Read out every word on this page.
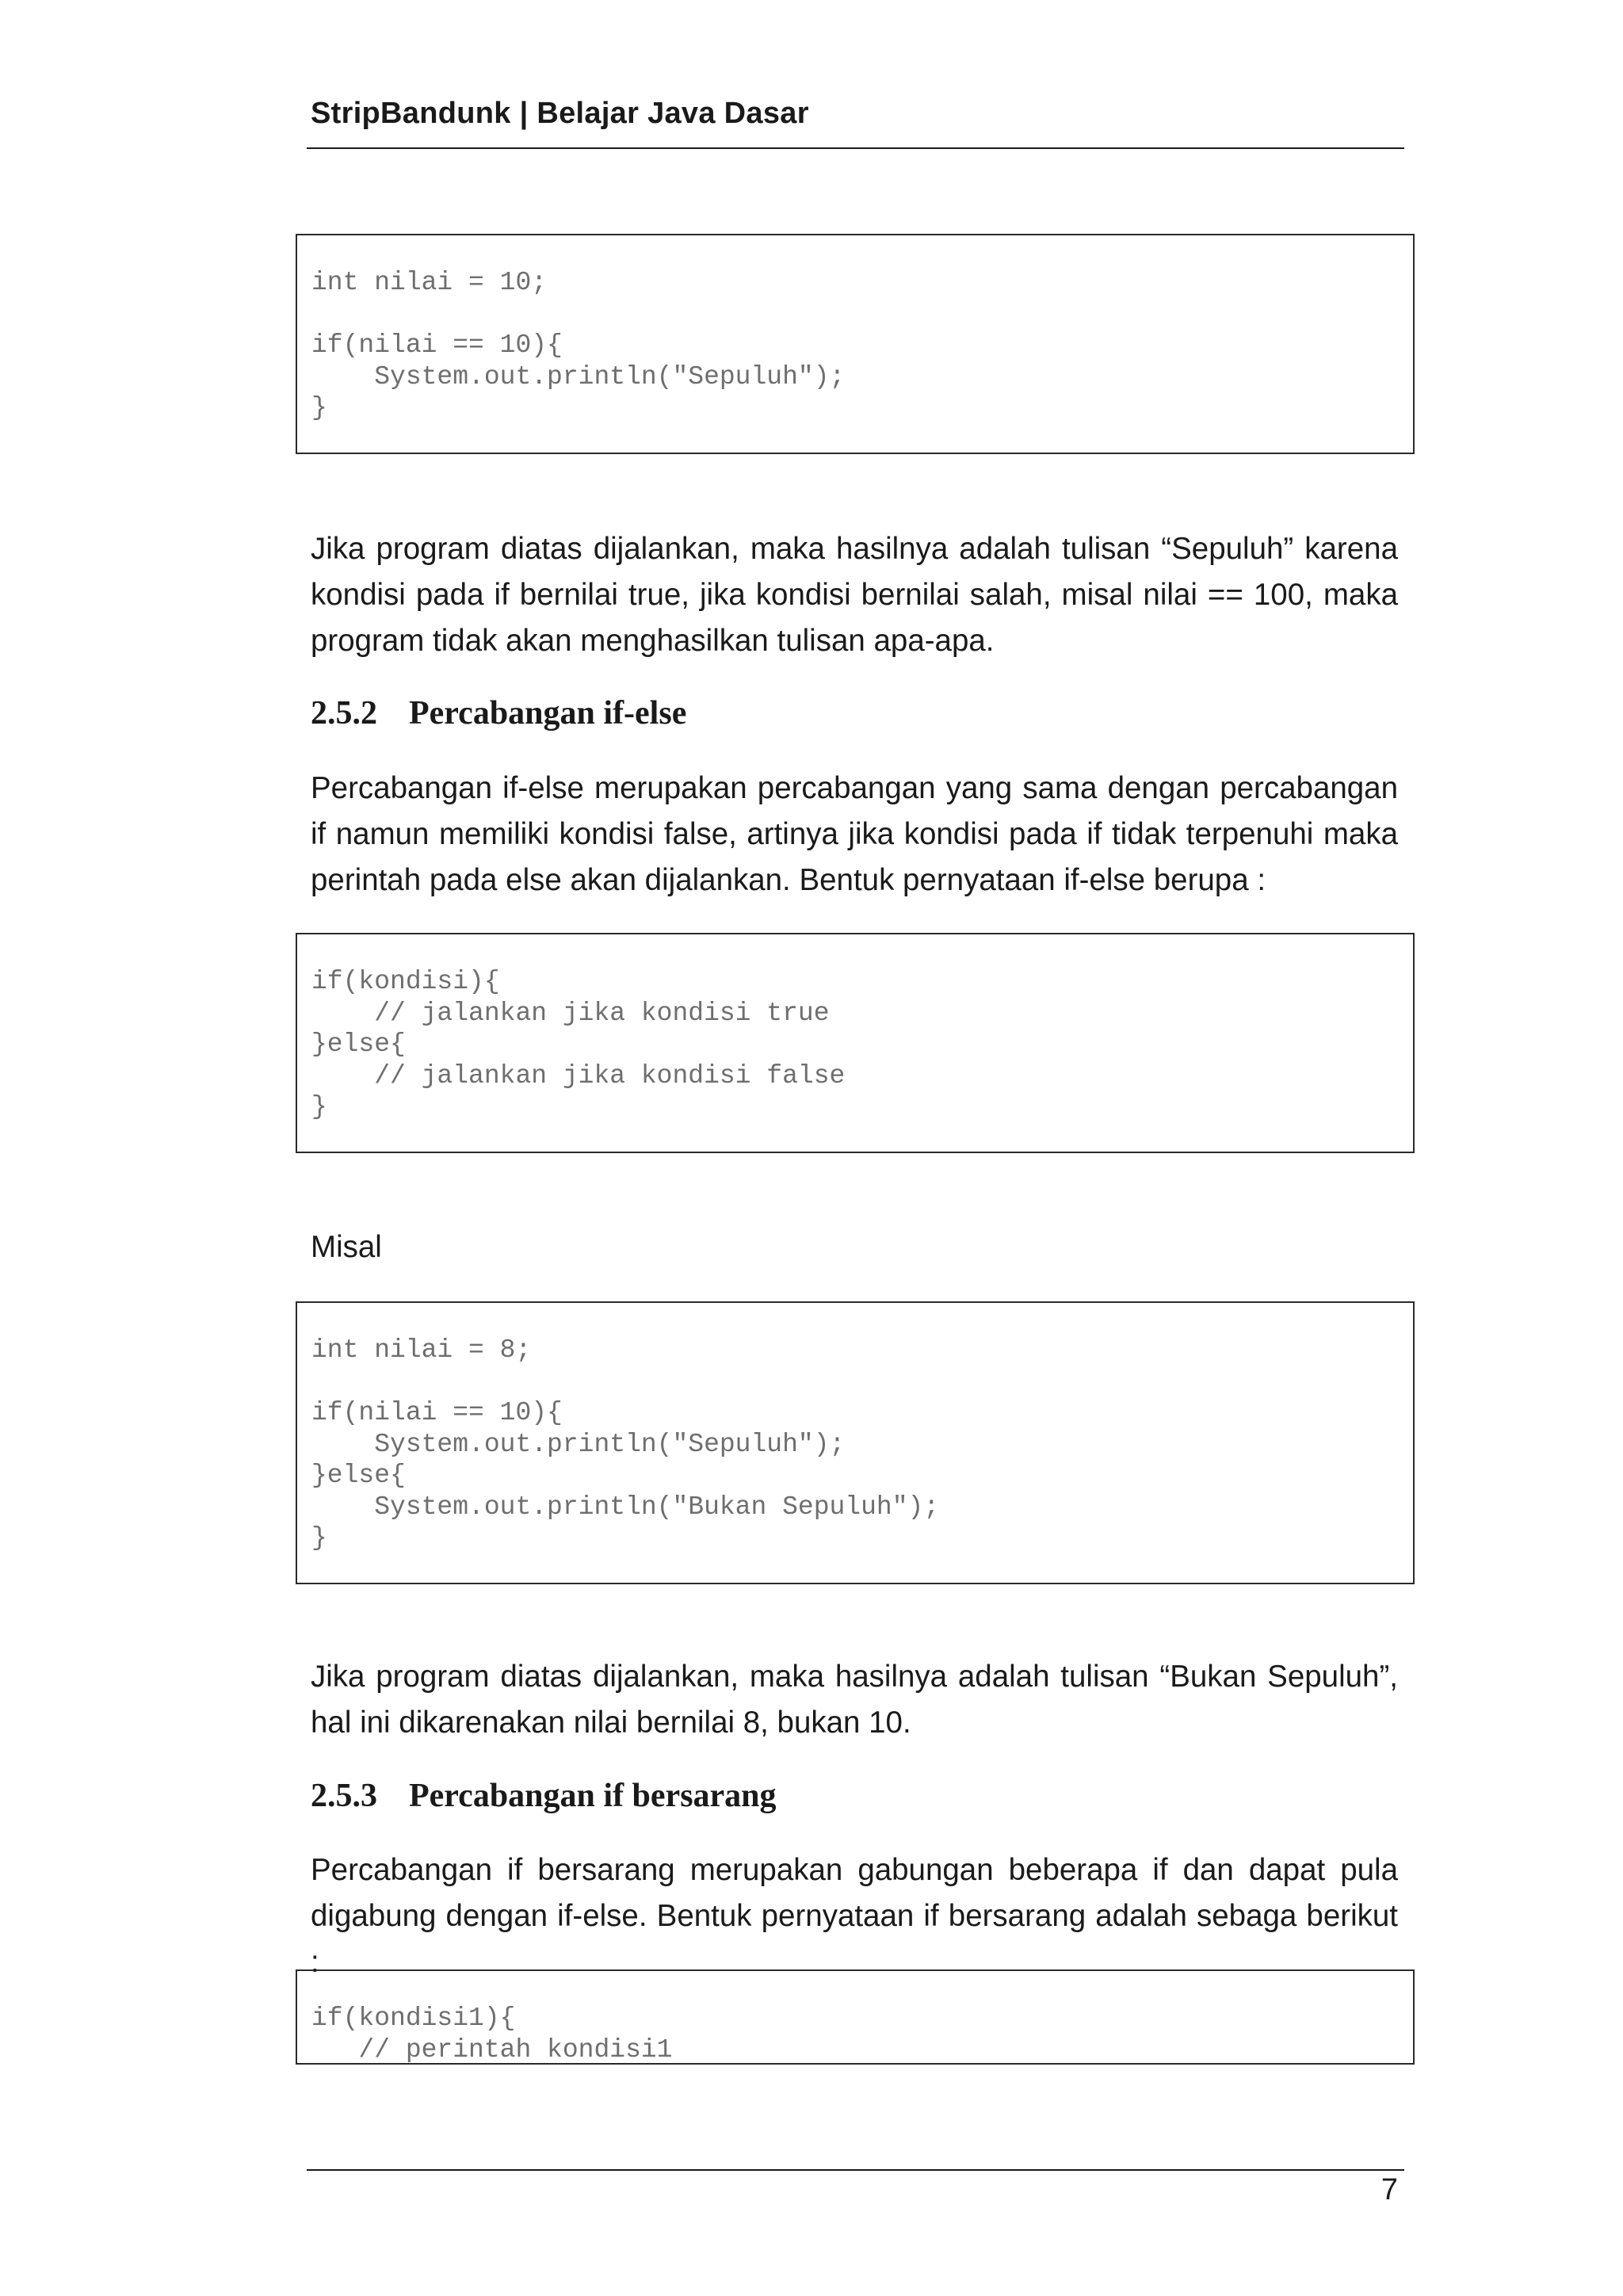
StripBandunk | Belajar Java Dasar
int nilai = 10;

if(nilai == 10){
System.out.println("Sepuluh");
}

Jika program diatas dijalankan, maka hasilnya adalah tulisan “Sepuluh” karena kondisi pada if bernilai true, jika kondisi bernilai salah, misal nilai == 100, maka program tidak akan menghasilkan tulisan apa-apa.

2.5.2 Percabangan if-else

Percabangan if-else merupakan percabangan yang sama dengan percabangan if namun memiliki kondisi false, artinya jika kondisi pada if tidak terpenuhi maka perintah pada else akan dijalankan. Bentuk pernyataan if-else berupa :

if(kondisi){
// jalankan jika kondisi true
}else{
// jalankan jika kondisi false
}

Misal

int nilai = 8;

if(nilai == 10){
System.out.println("Sepuluh");
}else{
System.out.println("Bukan Sepuluh");
}

Jika program diatas dijalankan, maka hasilnya adalah tulisan “Bukan Sepuluh”, hal ini dikarenakan nilai bernilai 8, bukan 10.

2.5.3 Percabangan if bersarang

Percabangan if bersarang merupakan gabungan beberapa if dan dapat pula digabung dengan if-else. Bentuk pernyataan if bersarang adalah sebaga berikut :

if(kondisi1){
// perintah kondisi1
7
